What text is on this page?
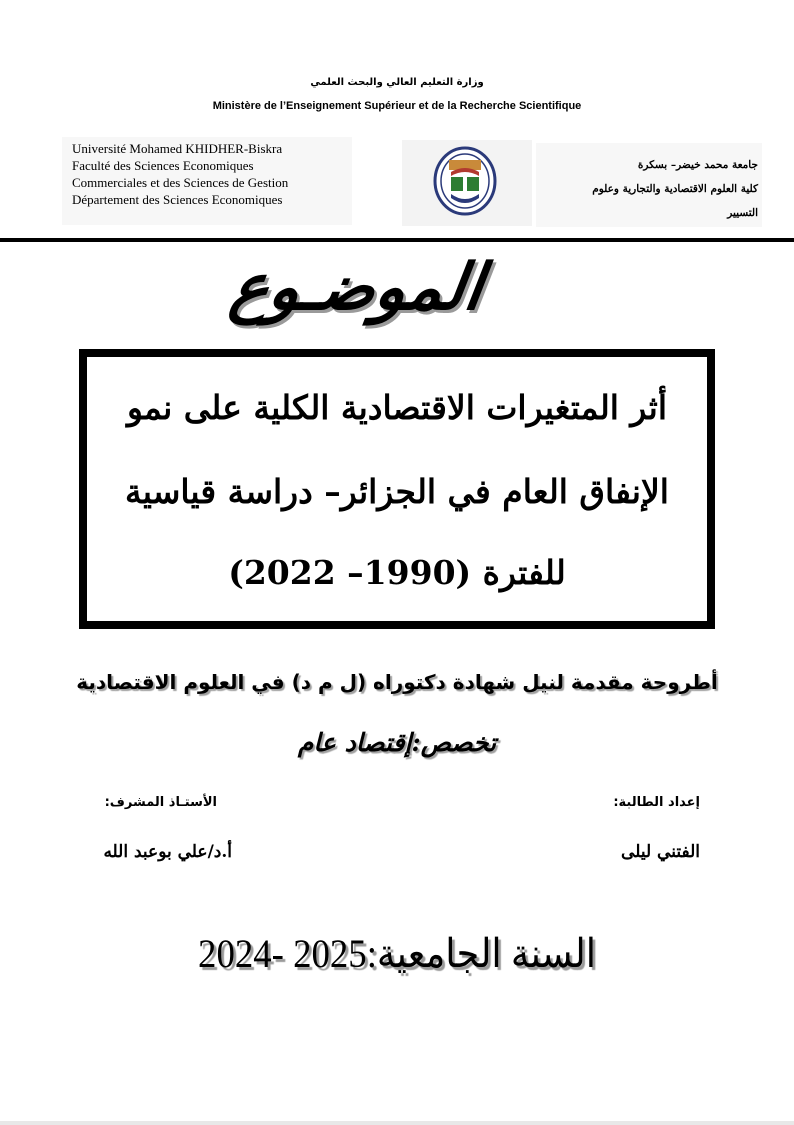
وزارة التعليم العالي والبحث العلمي
Ministère de l’Enseignement Supérieur et de la Recherche Scientifique
Université Mohamed KHIDHER-Biskra
Faculté des Sciences Economiques
Commerciales et des Sciences de Gestion
Département des Sciences Economiques
جامعة محمد خيضر– بسكرة
كلية العلوم الاقتصادية والتجارية وعلوم
التسيير
الموضـوع
أثر المتغيرات الاقتصادية الكلية على نمو
الإنفاق العام في الجزائر– دراسة قياسية
للفترة (1990– 2022)
أطروحة مقدمة لنيل شهادة دكتوراه (ل م د) في العلوم الاقتصادية
تخصص:إقتصاد عام
إعداد الطالبة:
الأستـاذ المشرف:
الفتني ليلى
أ.د/علي بوعبد الله
2024- 2025السنة الجامعية:
